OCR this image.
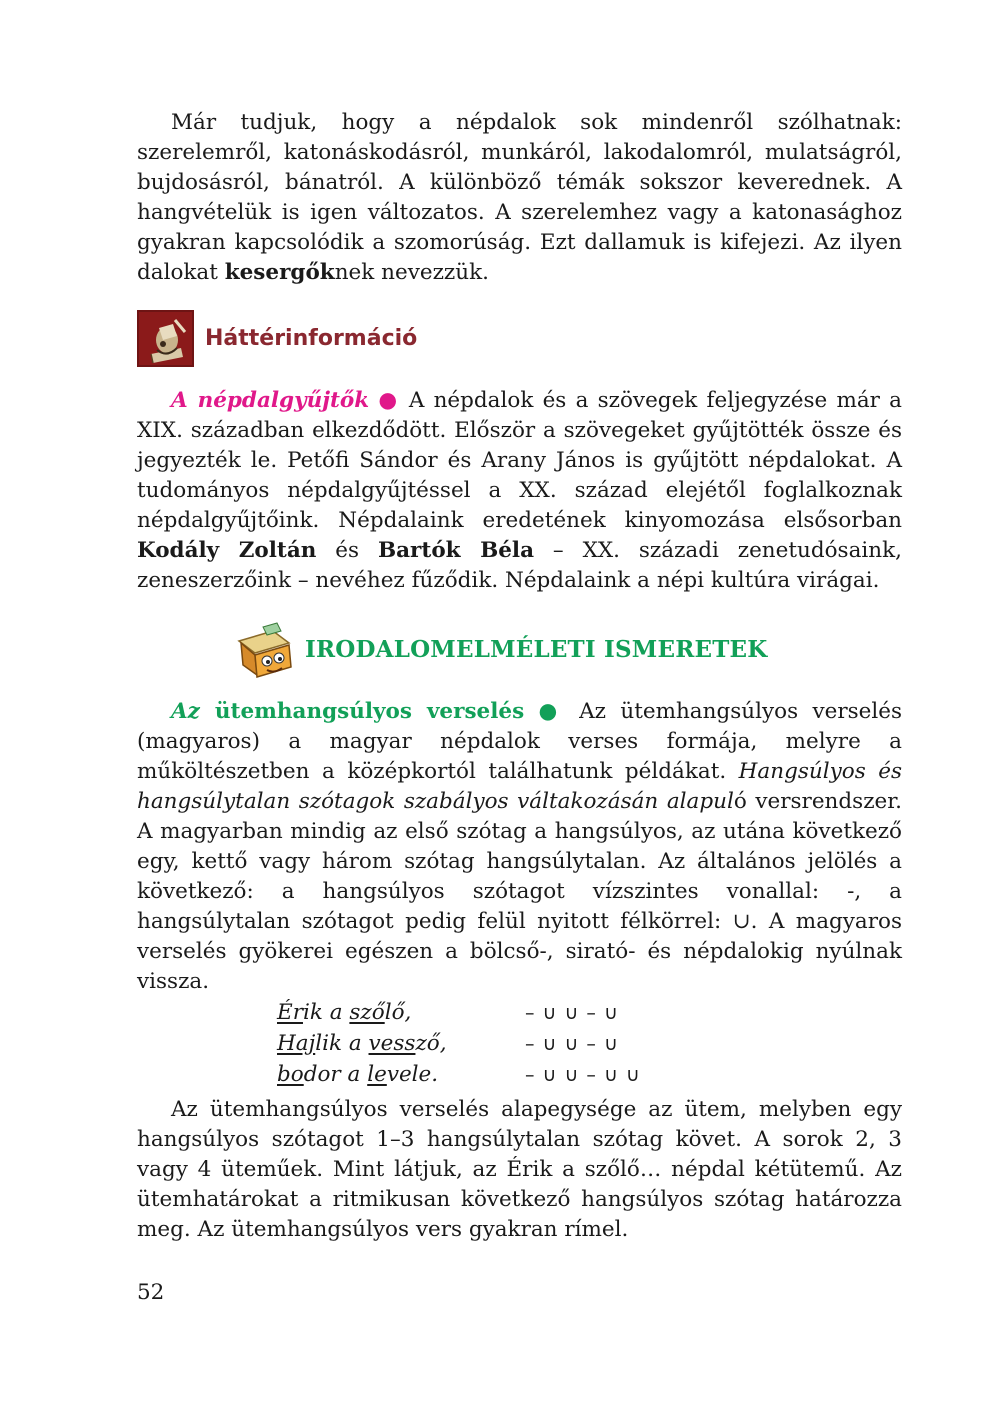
Már tudjuk, hogy a népdalok sok mindenről szólhatnak: szerelemről, katonáskodásról, munkáról, lakodalomról, mulatságról, bujdosásról, bánatról. A különböző témák sokszor keverednek. A hangvételük is igen változatos. A szerelemhez vagy a katonasághoz gyakran kapcsolódik a szomorúság. Ezt dallamuk is kifejezi. Az ilyen dalokat kesergőknek nevezzük.

Háttérinformáció

A népdalgyűjtők ● A népdalok és a szövegek feljegyzése már a XIX. században elkezdődött. Először a szövegeket gyűjtötték össze és jegyezték le. Petőfi Sándor és Arany János is gyűjtött népdalokat. A tudományos népdalgyűjtéssel a XX. század elejétől foglalkoznak népdalgyűjtőink. Népdalaink eredetének kinyomozása elsősorban Kodály Zoltán és Bartók Béla – XX. századi zenetudósaink, zeneszerzőink – nevéhez fűződik. Népdalaink a népi kultúra virágai.

IRODALOMELMÉLETI ISMERETEK

Az ütemhangsúlyos verselés ● Az ütemhangsúlyos verselés (magyaros) a magyar népdalok verses formája, melyre a műköltészetben a középkortól találhatunk példákat. Hangsúlyos és hangsúlytalan szótagok szabályos váltakozásán alapuló versrendszer. A magyarban mindig az első szótag a hangsúlyos, az utána következő egy, kettő vagy három szótag hangsúlytalan. Az általános jelölés a következő: a hangsúlyos szótagot vízszintes vonallal: -, a hangsúlytalan szótagot pedig felül nyitott félkörrel: ∪. A magyaros verselés gyökerei egészen a bölcső-, sirató- és népdalokig nyúlnak vissza.

Érik a szőlő,	– ∪ ∪ – ∪
Hajlik a vessző,	– ∪ ∪ – ∪
bodor a levele.	– ∪ ∪ – ∪ ∪

Az ütemhangsúlyos verselés alapegysége az ütem, melyben egy hangsúlyos szótagot 1–3 hangsúlytalan szótag követ. A sorok 2, 3 vagy 4 üteműek. Mint látjuk, az Érik a szőlő… népdal kétütemű. Az ütemhatárokat a ritmikusan következő hangsúlyos szótag határozza meg. Az ütemhangsúlyos vers gyakran rímel.

52
